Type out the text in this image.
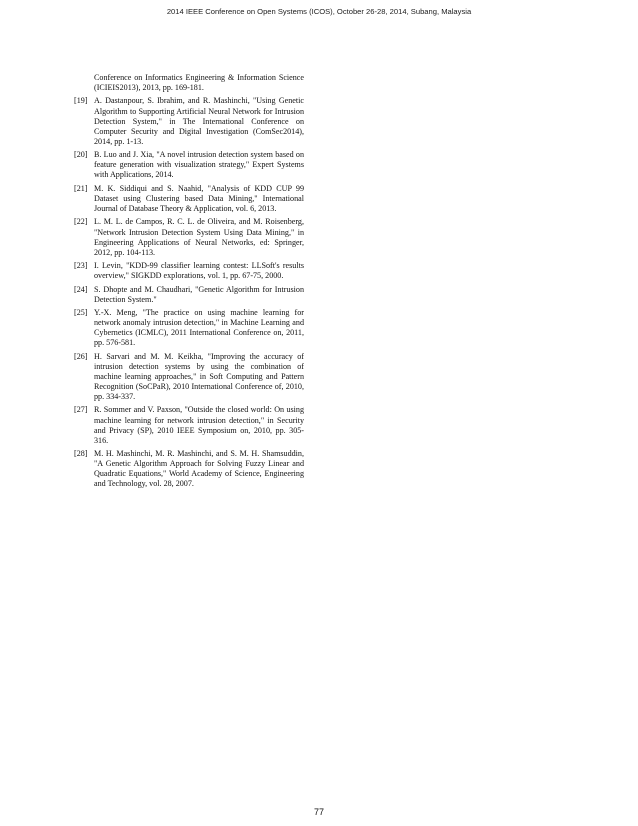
2014 IEEE Conference on Open Systems (ICOS), October 26-28, 2014, Subang, Malaysia
Conference on Informatics Engineering & Information Science (ICIEIS2013), 2013, pp. 169-181.
[19] A. Dastanpour, S. Ibrahim, and R. Mashinchi, "Using Genetic Algorithm to Supporting Artificial Neural Network for Intrusion Detection System," in The International Conference on Computer Security and Digital Investigation (ComSec2014), 2014, pp. 1-13.
[20] B. Luo and J. Xia, "A novel intrusion detection system based on feature generation with visualization strategy," Expert Systems with Applications, 2014.
[21] M. K. Siddiqui and S. Naahid, "Analysis of KDD CUP 99 Dataset using Clustering based Data Mining," International Journal of Database Theory & Application, vol. 6, 2013.
[22] L. M. L. de Campos, R. C. L. de Oliveira, and M. Roisenberg, "Network Intrusion Detection System Using Data Mining," in Engineering Applications of Neural Networks, ed: Springer, 2012, pp. 104-113.
[23] I. Levin, "KDD-99 classifier learning contest: LLSoft's results overview," SIGKDD explorations, vol. 1, pp. 67-75, 2000.
[24] S. Dhopte and M. Chaudhari, "Genetic Algorithm for Intrusion Detection System."
[25] Y.-X. Meng, "The practice on using machine learning for network anomaly intrusion detection," in Machine Learning and Cybernetics (ICMLC), 2011 International Conference on, 2011, pp. 576-581.
[26] H. Sarvari and M. M. Keikha, "Improving the accuracy of intrusion detection systems by using the combination of machine learning approaches," in Soft Computing and Pattern Recognition (SoCPaR), 2010 International Conference of, 2010, pp. 334-337.
[27] R. Sommer and V. Paxson, "Outside the closed world: On using machine learning for network intrusion detection," in Security and Privacy (SP), 2010 IEEE Symposium on, 2010, pp. 305-316.
[28] M. H. Mashinchi, M. R. Mashinchi, and S. M. H. Shamsuddin, "A Genetic Algorithm Approach for Solving Fuzzy Linear and Quadratic Equations," World Academy of Science, Engineering and Technology, vol. 28, 2007.
77
